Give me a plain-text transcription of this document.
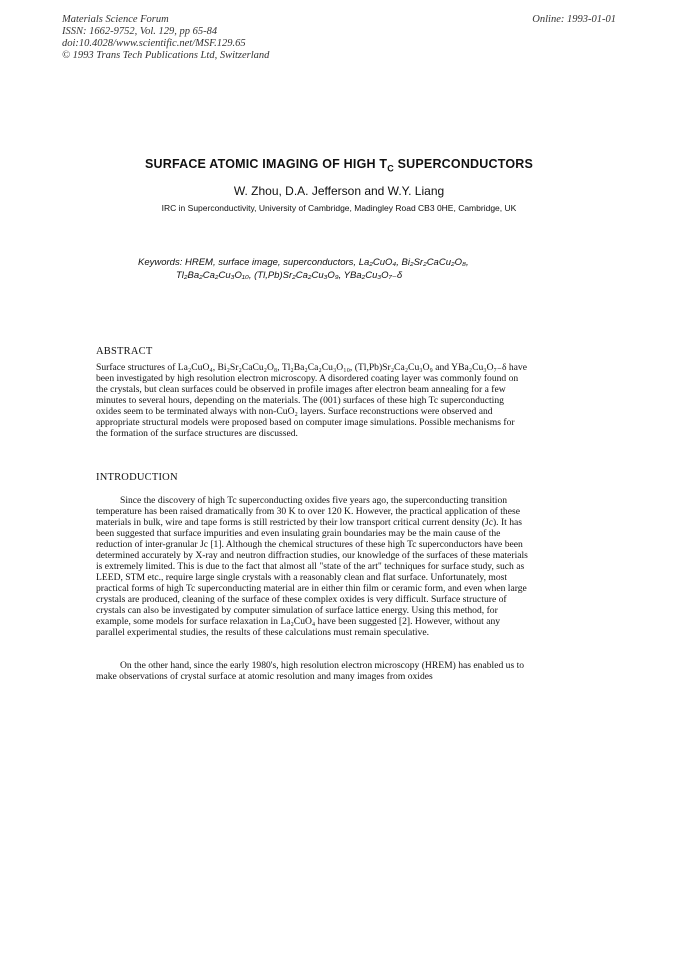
Materials Science Forum
ISSN: 1662-9752, Vol. 129, pp 65-84
doi:10.4028/www.scientific.net/MSF.129.65
© 1993 Trans Tech Publications Ltd, Switzerland
Online: 1993-01-01
SURFACE ATOMIC IMAGING OF HIGH $T_C$ SUPERCONDUCTORS
W. Zhou, D.A. Jefferson and W.Y. Liang
IRC in Superconductivity, University of Cambridge, Madingley Road CB3 0HE, Cambridge, UK
Keywords: HREM, surface image, superconductors, La₂CuO₄, Bi₂Sr₂CaCu₂O₈,
Tl₂Ba₂Ca₂Cu₃O₁₀, (Tl,Pb)Sr₂Ca₂Cu₃O₉, YBa₂Cu₃O₇₋δ
ABSTRACT

Surface structures of La₂CuO₄, Bi₂Sr₂CaCu₂O₈, Tl₂Ba₂Ca₂Cu₃O₁₀, (Tl,Pb)Sr₂Ca₂Cu₃O₉ and YBa₂Cu₃O₇₋δ have been investigated by high resolution electron microscopy. A disordered coating layer was commonly found on the crystals, but clean surfaces could be observed in profile images after electron beam annealing for a few minutes to several hours, depending on the materials. The (001) surfaces of these high Tc superconducting oxides seem to be terminated always with non-CuO₂ layers. Surface reconstructions were observed and appropriate structural models were proposed based on computer image simulations. Possible mechanisms for the formation of the surface structures are discussed.

INTRODUCTION

Since the discovery of high Tc superconducting oxides five years ago, the superconducting transition temperature has been raised dramatically from 30 K to over 120 K. However, the practical application of these materials in bulk, wire and tape forms is still restricted by their low transport critical current density (Jc). It has been suggested that surface impurities and even insulating grain boundaries may be the main cause of the reduction of inter-granular Jc [1]. Although the chemical structures of these high Tc superconductors have been determined accurately by X-ray and neutron diffraction studies, our knowledge of the surfaces of these materials is extremely limited. This is due to the fact that almost all "state of the art" techniques for surface study, such as LEED, STM etc., require large single crystals with a reasonably clean and flat surface. Unfortunately, most practical forms of high Tc superconducting material are in either thin film or ceramic form, and even when large crystals are produced, cleaning of the surface of these complex oxides is very difficult. Surface structure of crystals can also be investigated by computer simulation of surface lattice energy. Using this method, for example, some models for surface relaxation in La₂CuO₄ have been suggested [2]. However, without any parallel experimental studies, the results of these calculations must remain speculative.

On the other hand, since the early 1980's, high resolution electron microscopy (HREM) has enabled us to make observations of crystal surface at atomic resolution and many images from oxides
